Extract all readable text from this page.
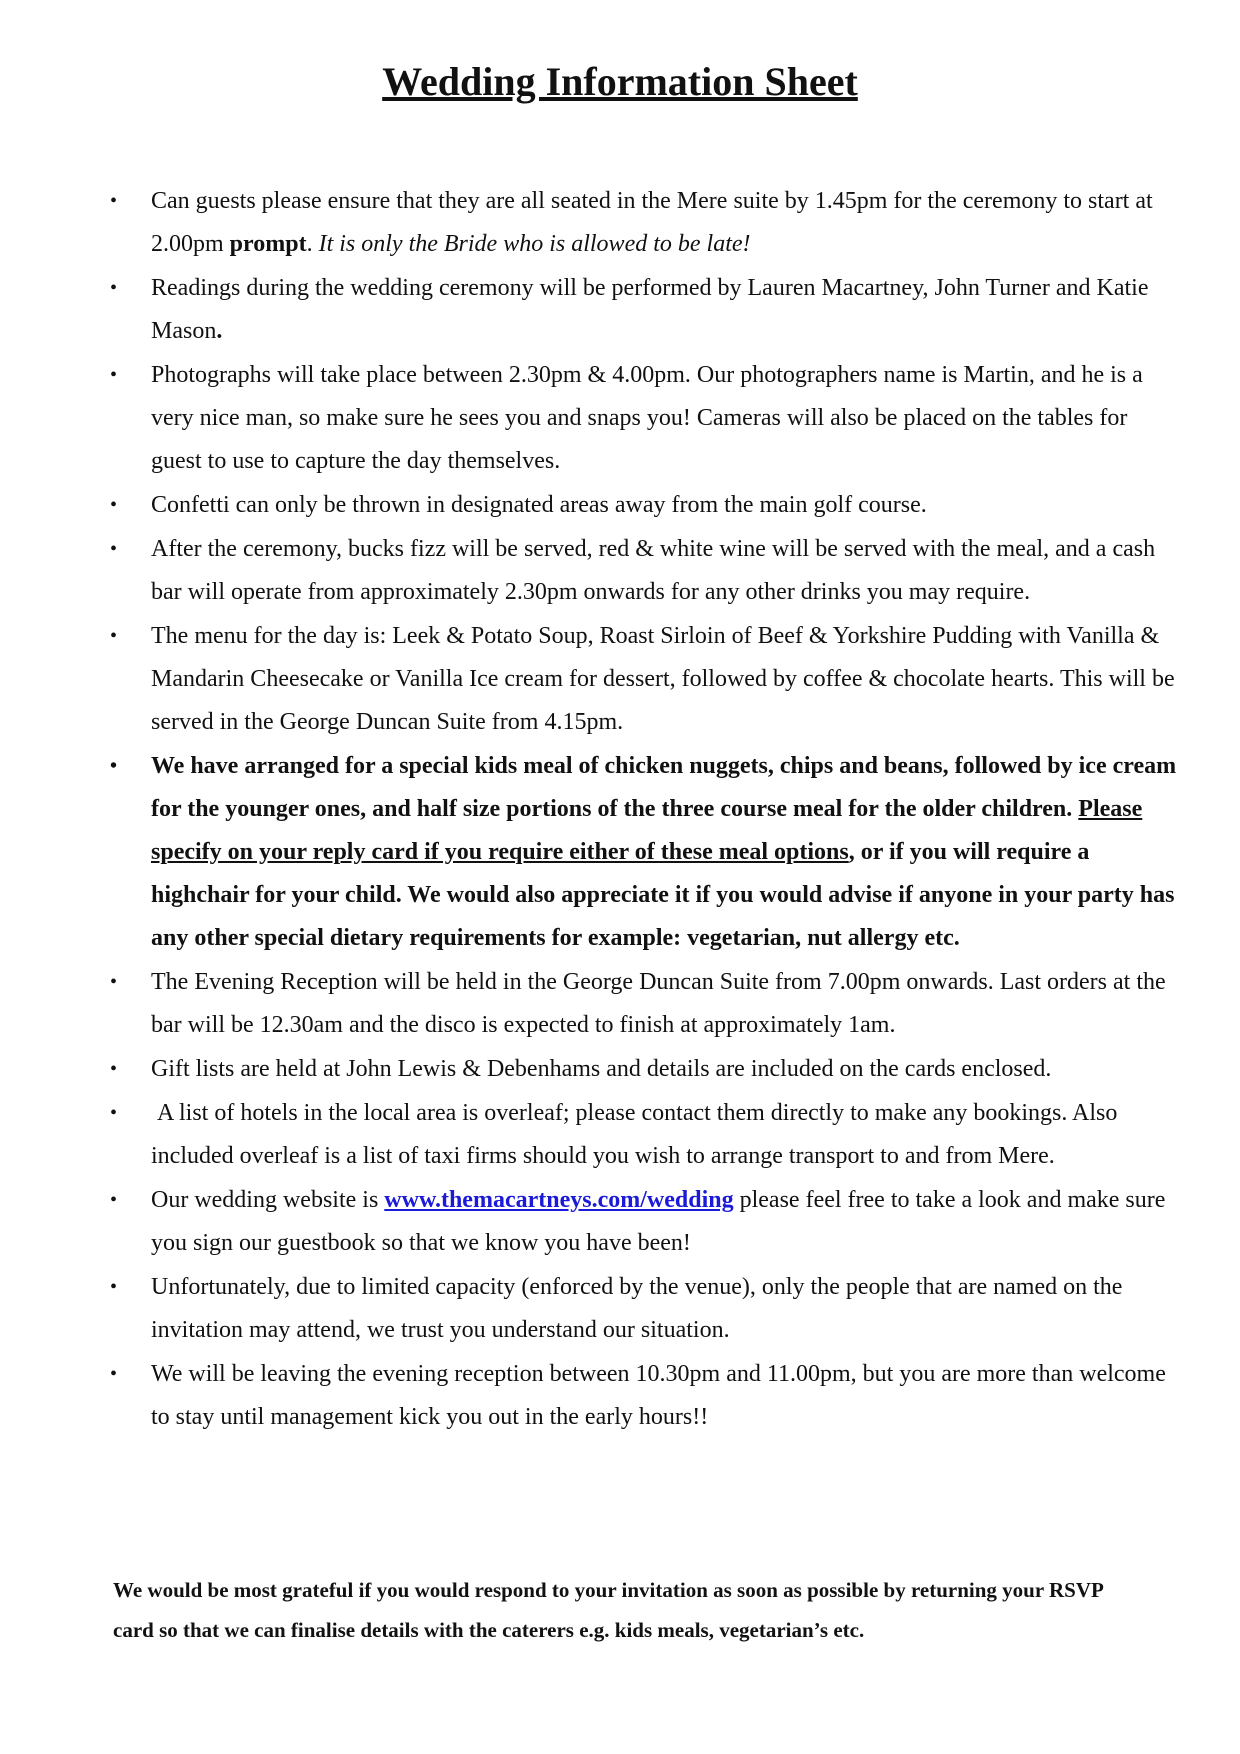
Wedding Information Sheet
• Can guests please ensure that they are all seated in the Mere suite by 1.45pm for the ceremony to start at 2.00pm prompt. It is only the Bride who is allowed to be late!
• Readings during the wedding ceremony will be performed by Lauren Macartney, John Turner and Katie Mason.
• Photographs will take place between 2.30pm & 4.00pm. Our photographers name is Martin, and he is a very nice man, so make sure he sees you and snaps you! Cameras will also be placed on the tables for guest to use to capture the day themselves.
• Confetti can only be thrown in designated areas away from the main golf course.
• After the ceremony, bucks fizz will be served, red & white wine will be served with the meal, and a cash bar will operate from approximately 2.30pm onwards for any other drinks you may require.
• The menu for the day is: Leek & Potato Soup, Roast Sirloin of Beef & Yorkshire Pudding with Vanilla & Mandarin Cheesecake or Vanilla Ice cream for dessert, followed by coffee & chocolate hearts. This will be served in the George Duncan Suite from 4.15pm.
• We have arranged for a special kids meal of chicken nuggets, chips and beans, followed by ice cream for the younger ones, and half size portions of the three course meal for the older children. Please specify on your reply card if you require either of these meal options, or if you will require a highchair for your child. We would also appreciate it if you would advise if anyone in your party has any other special dietary requirements for example: vegetarian, nut allergy etc.
• The Evening Reception will be held in the George Duncan Suite from 7.00pm onwards. Last orders at the bar will be 12.30am and the disco is expected to finish at approximately 1am.
• Gift lists are held at John Lewis & Debenhams and details are included on the cards enclosed.
• A list of hotels in the local area is overleaf; please contact them directly to make any bookings. Also included overleaf is a list of taxi firms should you wish to arrange transport to and from Mere.
• Our wedding website is www.themacartneys.com/wedding please feel free to take a look and make sure you sign our guestbook so that we know you have been!
• Unfortunately, due to limited capacity (enforced by the venue), only the people that are named on the invitation may attend, we trust you understand our situation.
• We will be leaving the evening reception between 10.30pm and 11.00pm, but you are more than welcome to stay until management kick you out in the early hours!!

We would be most grateful if you would respond to your invitation as soon as possible by returning your RSVP card so that we can finalise details with the caterers e.g. kids meals, vegetarian’s etc.
